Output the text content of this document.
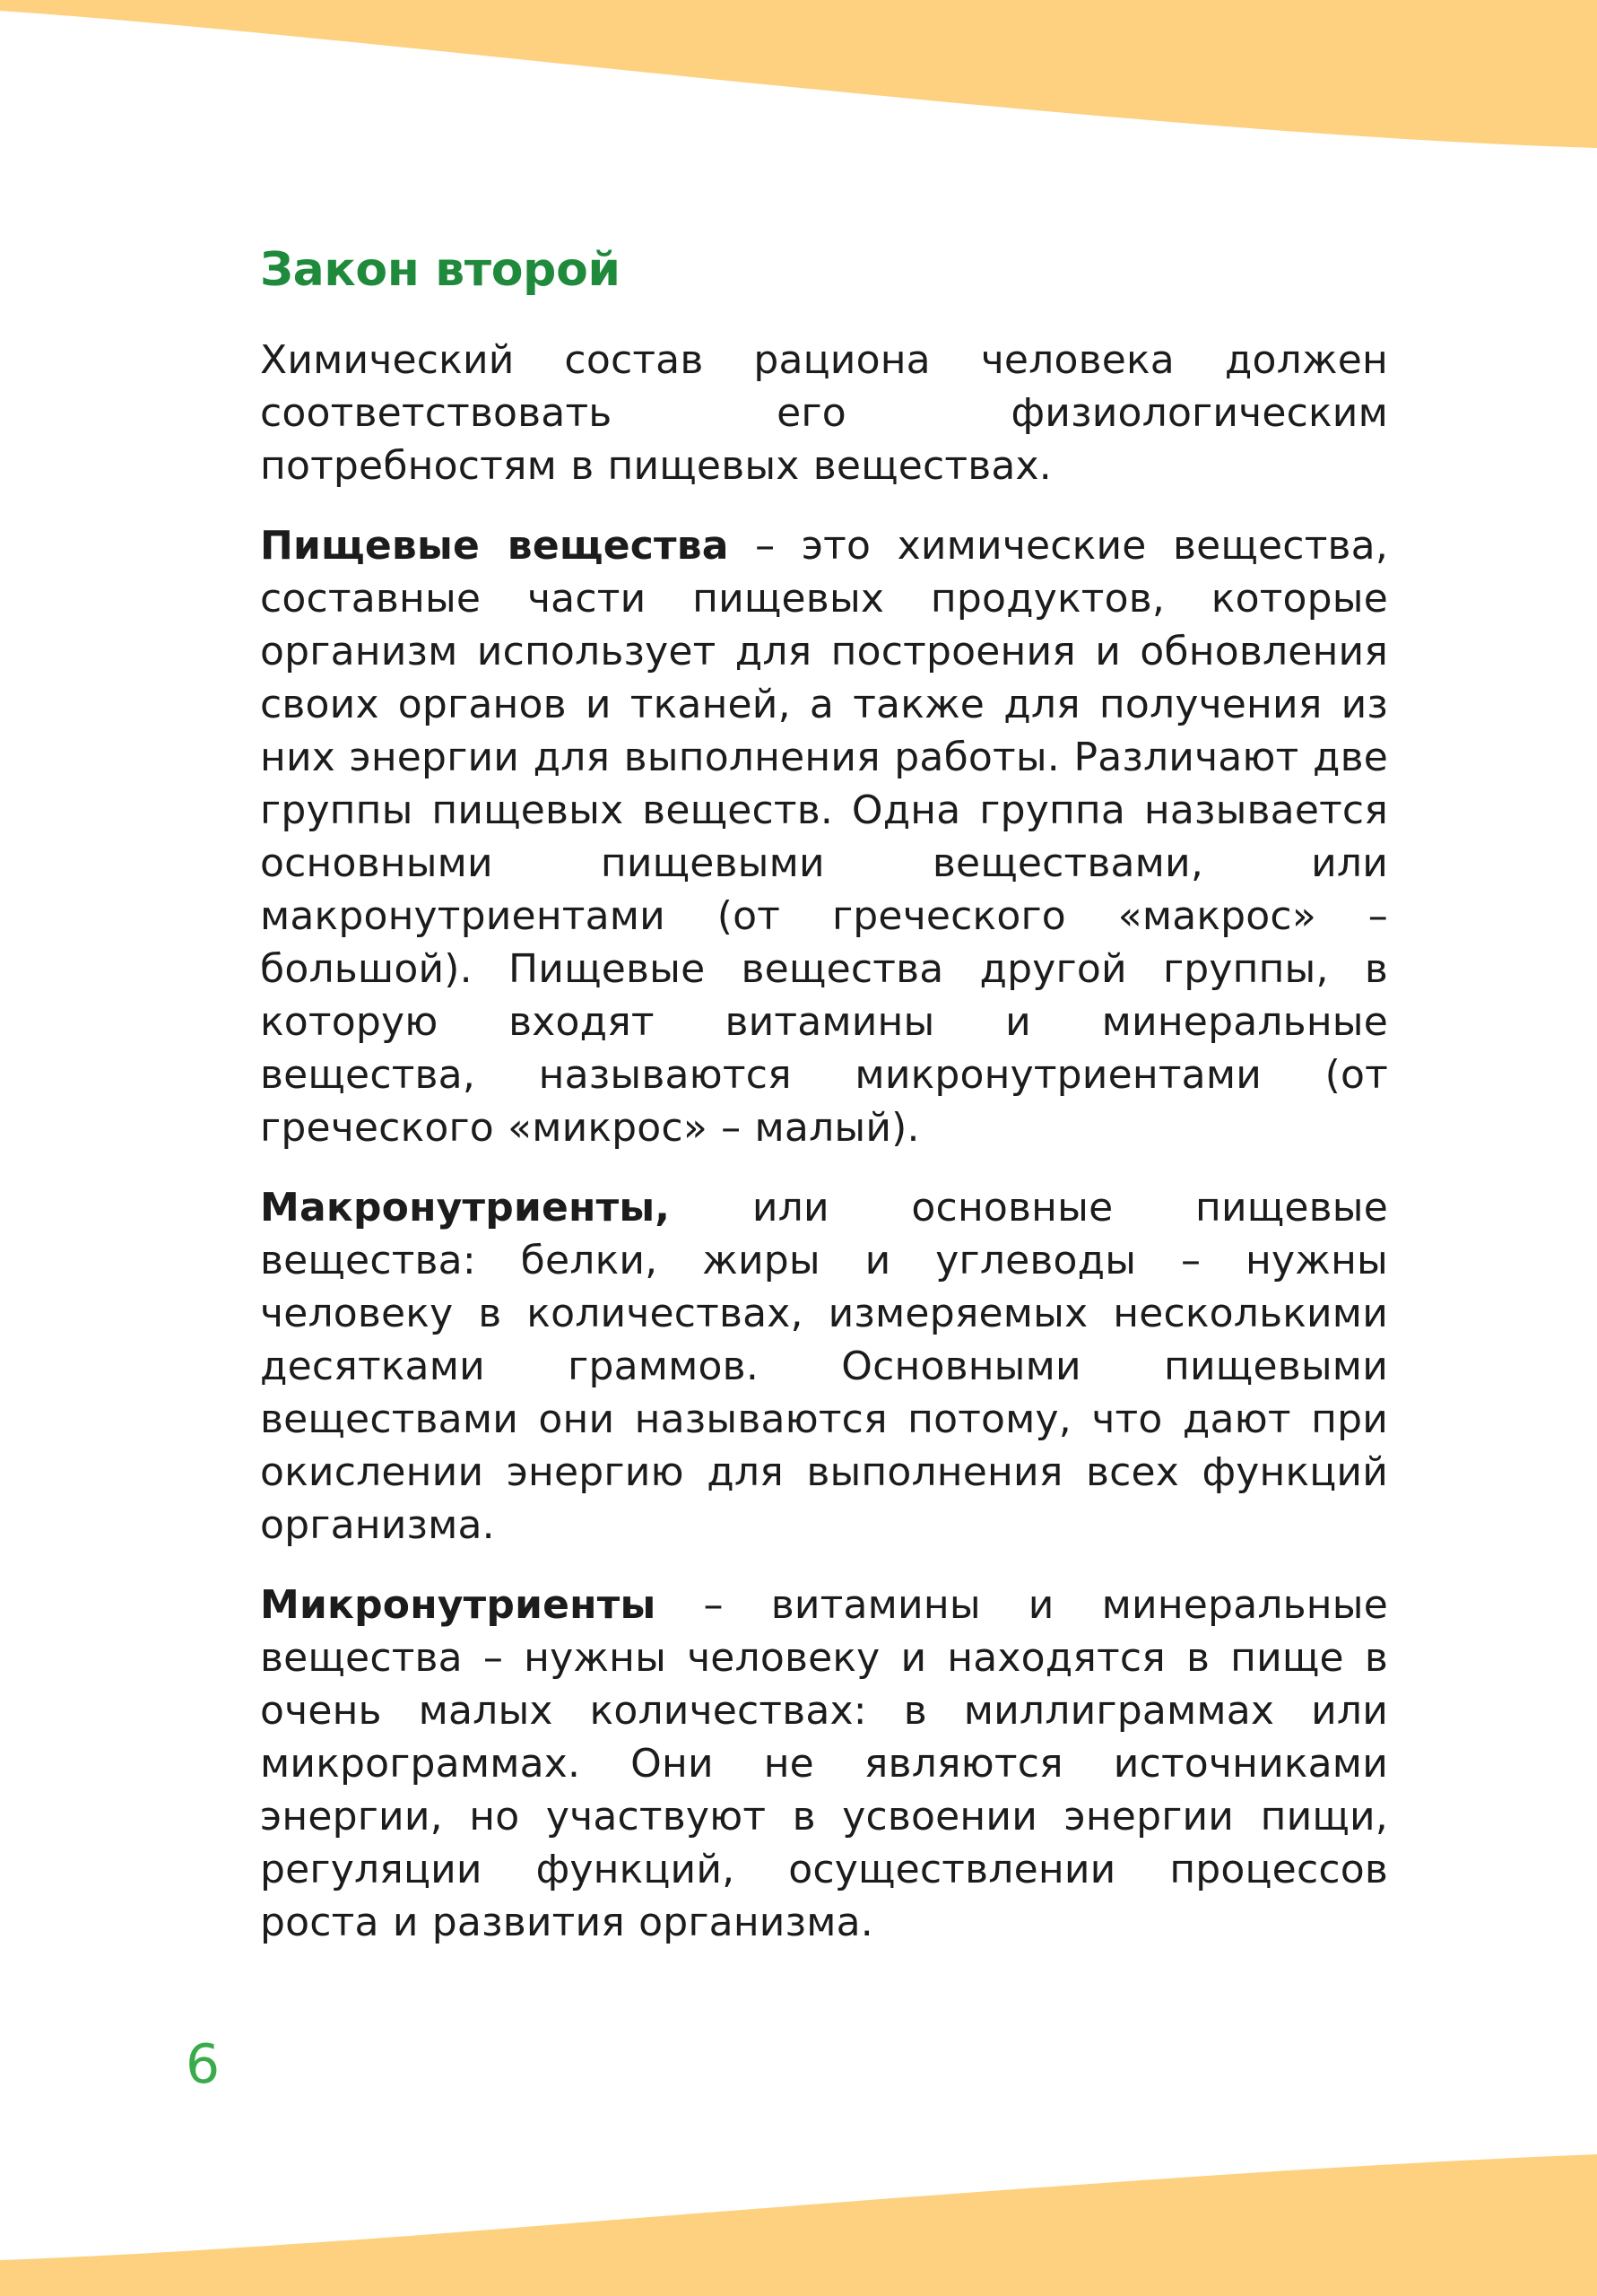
Закон второй

Химический состав рациона человека должен соответствовать его физиологическим потребностям в пищевых веществах.

Пищевые вещества – это химические вещества, составные части пищевых продуктов, которые организм использует для построения и обновления своих органов и тканей, а также для получения из них энергии для выполнения работы. Различают две группы пищевых веществ. Одна группа называется основными пищевыми веществами, или макронутриентами (от греческого «макрос» – большой). Пищевые вещества другой группы, в которую входят витамины и минеральные вещества, называются микронутриентами (от греческого «микрос» – малый).

Макронутриенты, или основные пищевые вещества: белки, жиры и углеводы – нужны человеку в количествах, измеряемых несколькими десятками граммов. Основными пищевыми веществами они называются потому, что дают при окислении энергию для выполнения всех функций организма.

Микронутриенты – витамины и минеральные вещества – нужны человеку и находятся в пище в очень малых количествах: в миллиграммах или микрограммах. Они не являются источниками энергии, но участвуют в усвоении энергии пищи, регуляции функций, осуществлении процессов роста и развития организма.

6
